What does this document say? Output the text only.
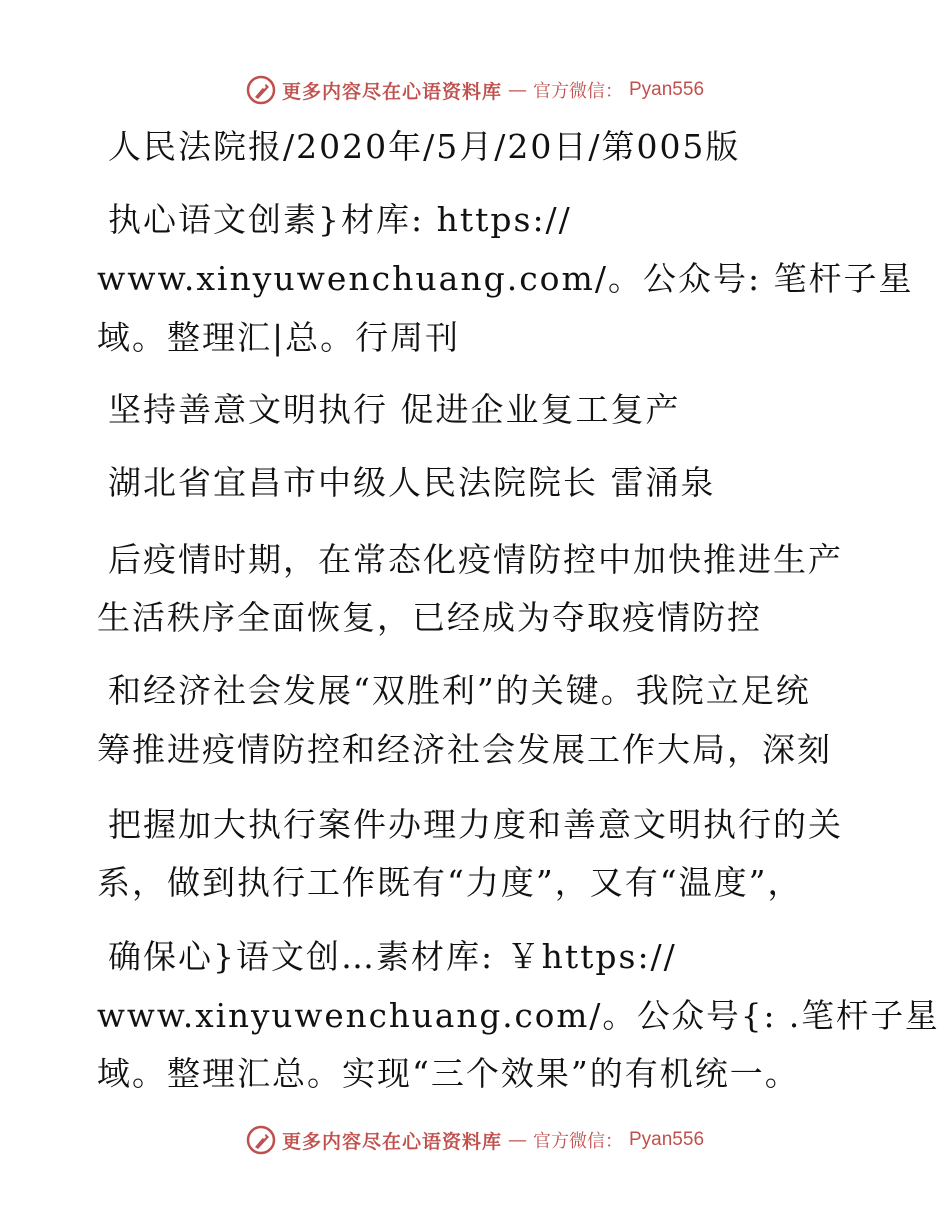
更多内容尽在心语资料库 — 官方微信： Pyan556
人民法院报/2020年/5月/20日/第005版
执心语文创素}材库: https://
www.xinyuwenchuang.com/。公众号: 笔杆子星
域。整理汇|总。行周刊
坚持善意文明执行 促进企业复工复产
湖北省宜昌市中级人民法院院长 雷涌泉
后疫情时期，在常态化疫情防控中加快推进生产
生活秩序全面恢复，已经成为夺取疫情防控
和经济社会发展“双胜利”的关键。我院立足统
筹推进疫情防控和经济社会发展工作大局，深刻
把握加大执行案件办理力度和善意文明执行的关
系，做到执行工作既有“力度”，又有“温度”，
确保心}语文创…素材库: ￥https://
www.xinyuwenchuang.com/。公众号{: .笔杆子星
域。整理汇总。实现“三个效果”的有机统一。
更多内容尽在心语资料库 — 官方微信： Pyan556
